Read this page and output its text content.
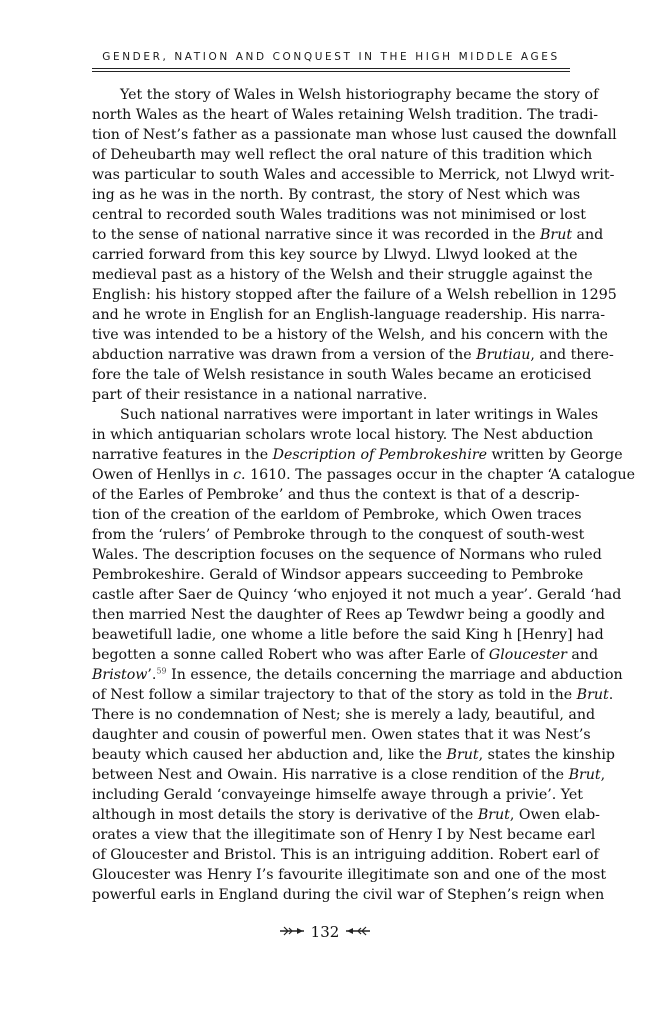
GENDER, NATION AND CONQUEST IN THE HIGH MIDDLE AGES
Yet the story of Wales in Welsh historiography became the story of
north Wales as the heart of Wales retaining Welsh tradition. The tradi-
tion of Nest’s father as a passionate man whose lust caused the downfall
of Deheubarth may well reflect the oral nature of this tradition which
was particular to south Wales and accessible to Merrick, not Llwyd writ-
ing as he was in the north. By contrast, the story of Nest which was
central to recorded south Wales traditions was not minimised or lost
to the sense of national narrative since it was recorded in the Brut and
carried forward from this key source by Llwyd. Llwyd looked at the
medieval past as a history of the Welsh and their struggle against the
English: his history stopped after the failure of a Welsh rebellion in 1295
and he wrote in English for an English-language readership. His narra-
tive was intended to be a history of the Welsh, and his concern with the
abduction narrative was drawn from a version of the Brutiau, and there-
fore the tale of Welsh resistance in south Wales became an eroticised
part of their resistance in a national narrative.
Such national narratives were important in later writings in Wales
in which antiquarian scholars wrote local history. The Nest abduction
narrative features in the Description of Pembrokeshire written by George
Owen of Henllys in c. 1610. The passages occur in the chapter ‘A catalogue
of the Earles of Pembroke’ and thus the context is that of a descrip-
tion of the creation of the earldom of Pembroke, which Owen traces
from the ‘rulers’ of Pembroke through to the conquest of south-west
Wales. The description focuses on the sequence of Normans who ruled
Pembrokeshire. Gerald of Windsor appears succeeding to Pembroke
castle after Saer de Quincy ‘who enjoyed it not much a year’. Gerald ‘had
then married Nest the daughter of Rees ap Tewdwr being a goodly and
beawetifull ladie, one whome a litle before the said King h [Henry] had
begotten a sonne called Robert who was after Earle of Gloucester and
Bristow’.$^{59}$ In essence, the details concerning the marriage and abduction
of Nest follow a similar trajectory to that of the story as told in the Brut.
There is no condemnation of Nest; she is merely a lady, beautiful, and
daughter and cousin of powerful men. Owen states that it was Nest’s
beauty which caused her abduction and, like the Brut, states the kinship
between Nest and Owain. His narrative is a close rendition of the Brut,
including Gerald ‘convayeinge himselfe awaye through a privie’. Yet
although in most details the story is derivative of the Brut, Owen elab-
orates a view that the illegitimate son of Henry I by Nest became earl
of Gloucester and Bristol. This is an intriguing addition. Robert earl of
Gloucester was Henry I’s favourite illegitimate son and one of the most
powerful earls in England during the civil war of Stephen’s reign when
132
